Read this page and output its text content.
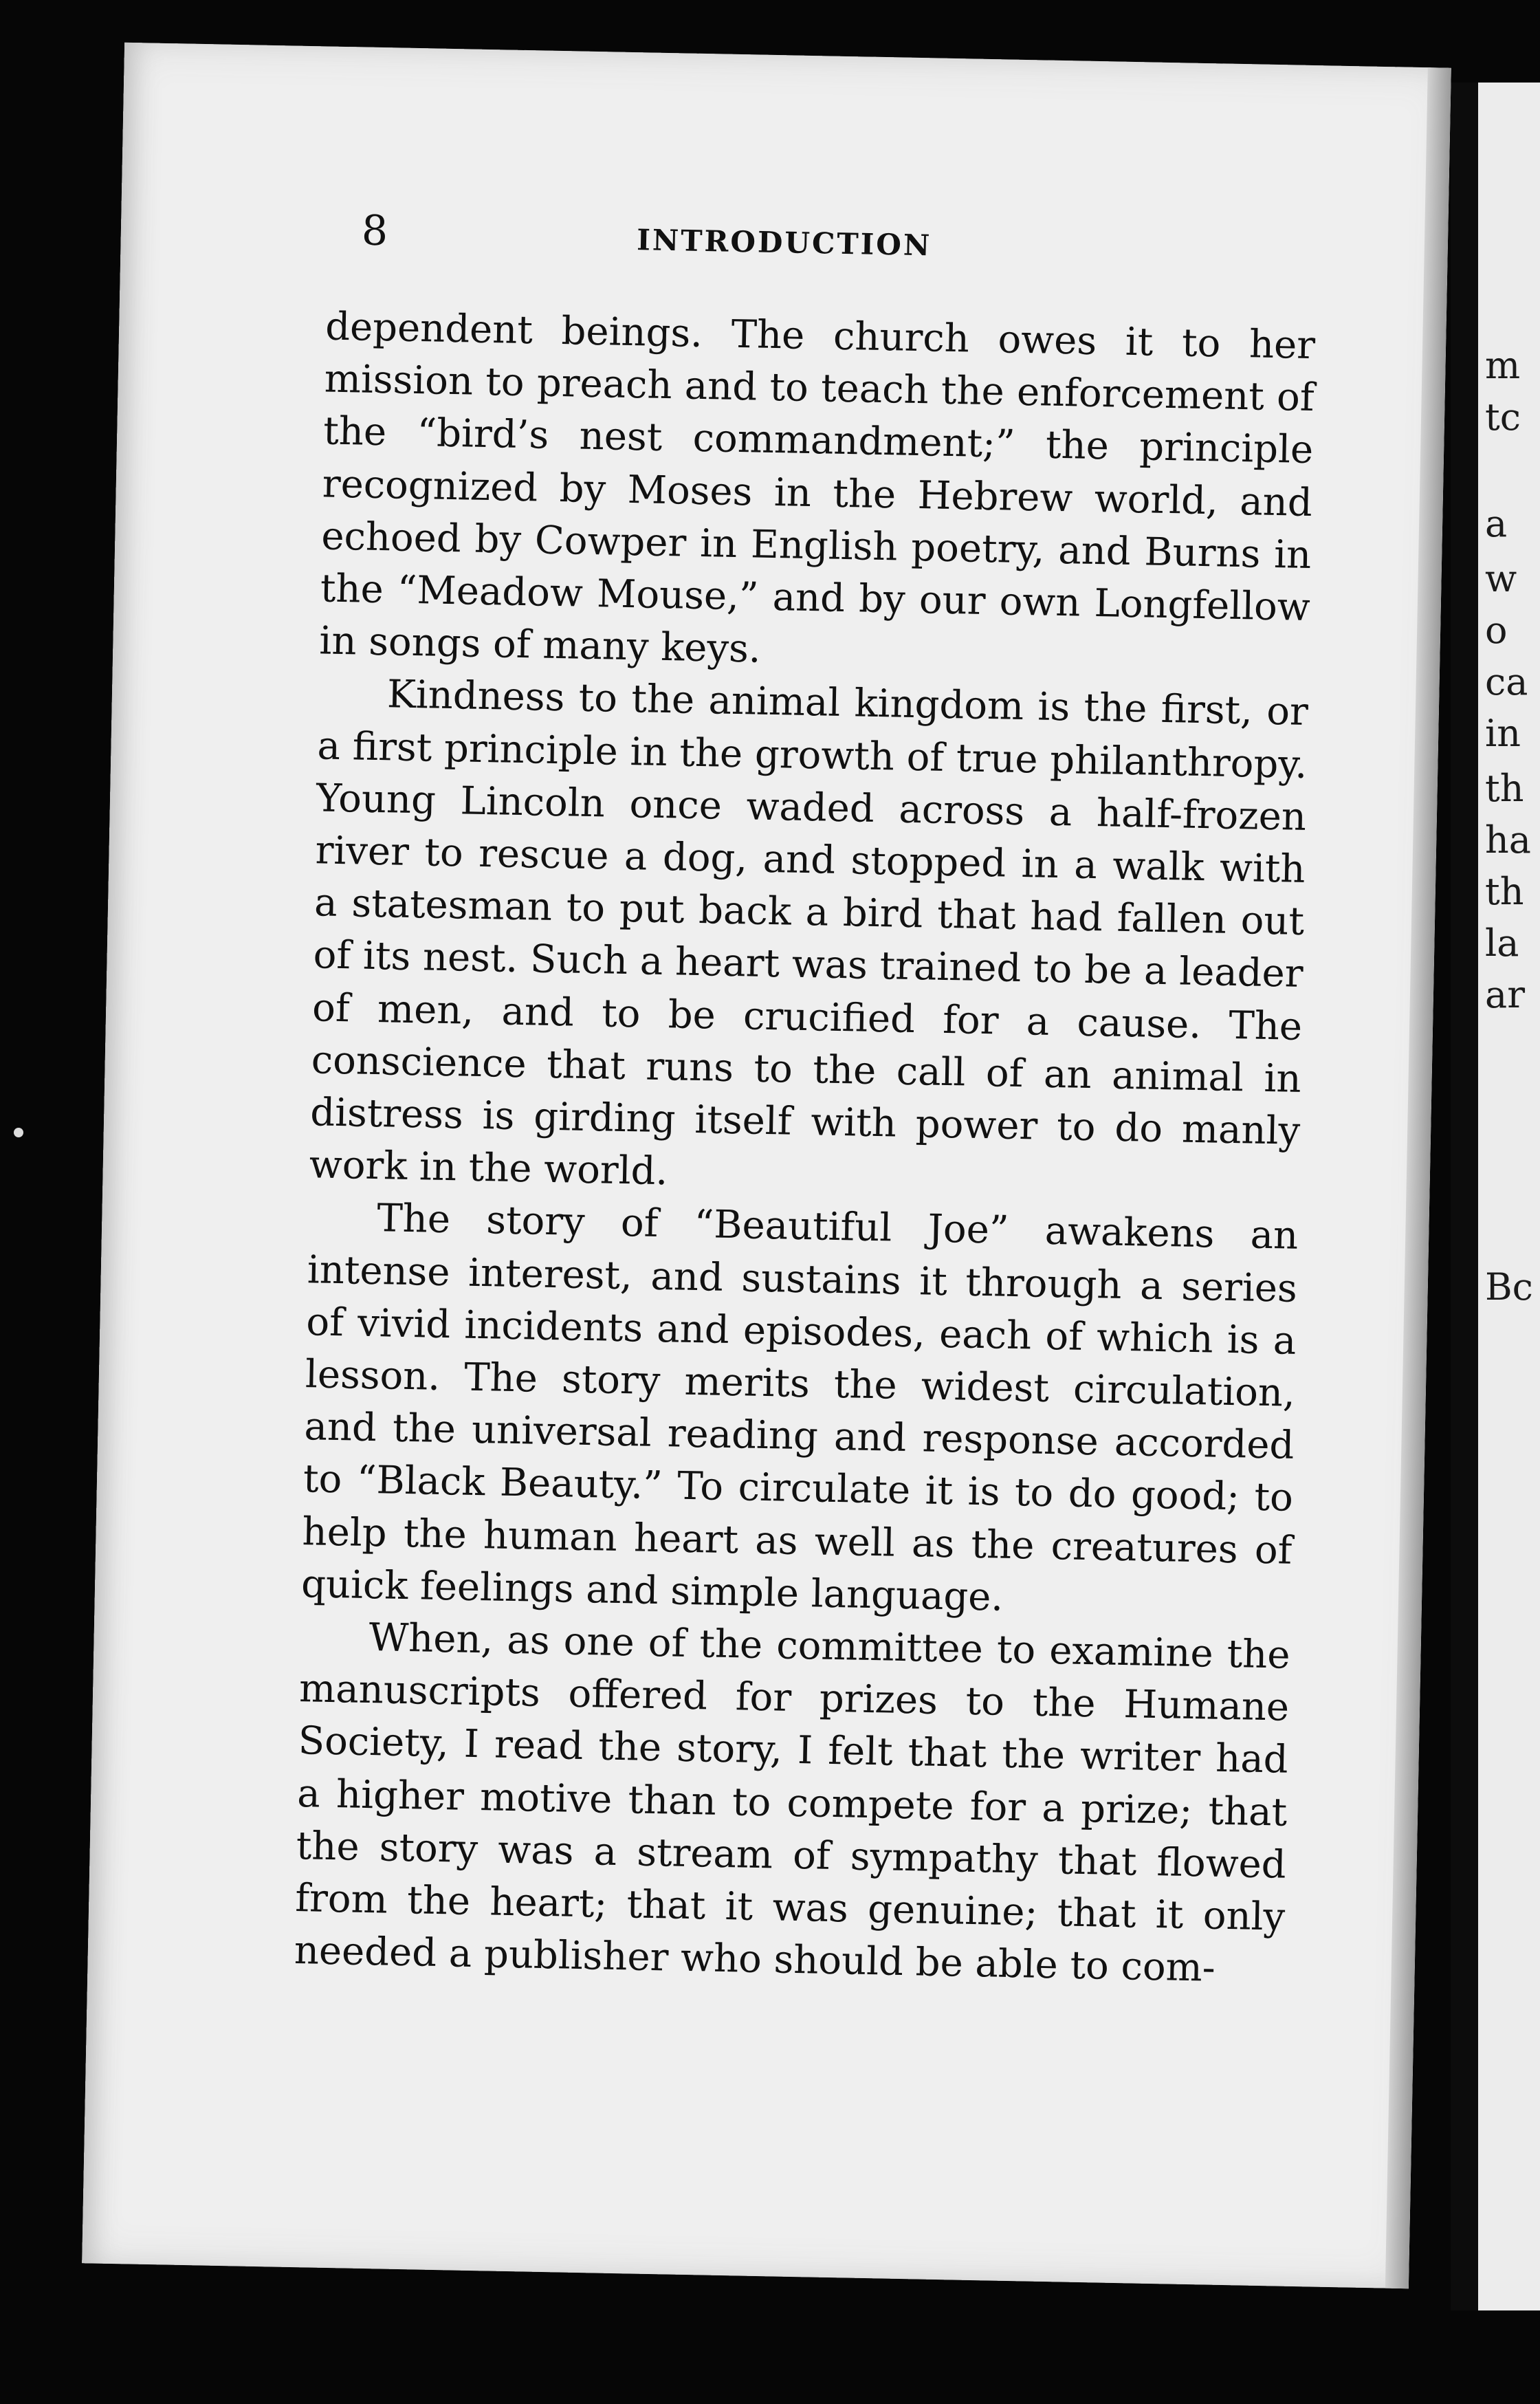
m
tc
a
w
o
ca
in
th
ha
th
la
ar
Bc
8	INTRODUCTION

dependent beings. The church owes it to her mission to preach and to teach the enforcement of the “bird’s nest commandment;” the principle recognized by Moses in the Hebrew world, and echoed by Cowper in English poetry, and Burns in the “Meadow Mouse,” and by our own Longfellow in songs of many keys.

Kindness to the animal kingdom is the first, or a first principle in the growth of true philanthropy. Young Lincoln once waded across a half-frozen river to rescue a dog, and stopped in a walk with a statesman to put back a bird that had fallen out of its nest. Such a heart was trained to be a leader of men, and to be crucified for a cause. The conscience that runs to the call of an animal in distress is girding itself with power to do manly work in the world.

The story of “Beautiful Joe” awakens an intense interest, and sustains it through a series of vivid incidents and episodes, each of which is a lesson. The story merits the widest circulation, and the universal reading and response accorded to “Black Beauty.” To circulate it is to do good; to help the human heart as well as the creatures of quick feelings and simple language.

When, as one of the committee to examine the manuscripts offered for prizes to the Humane Society, I read the story, I felt that the writer had a higher motive than to compete for a prize; that the story was a stream of sympathy that flowed from the heart; that it was genuine; that it only needed a publisher who should be able to com-
